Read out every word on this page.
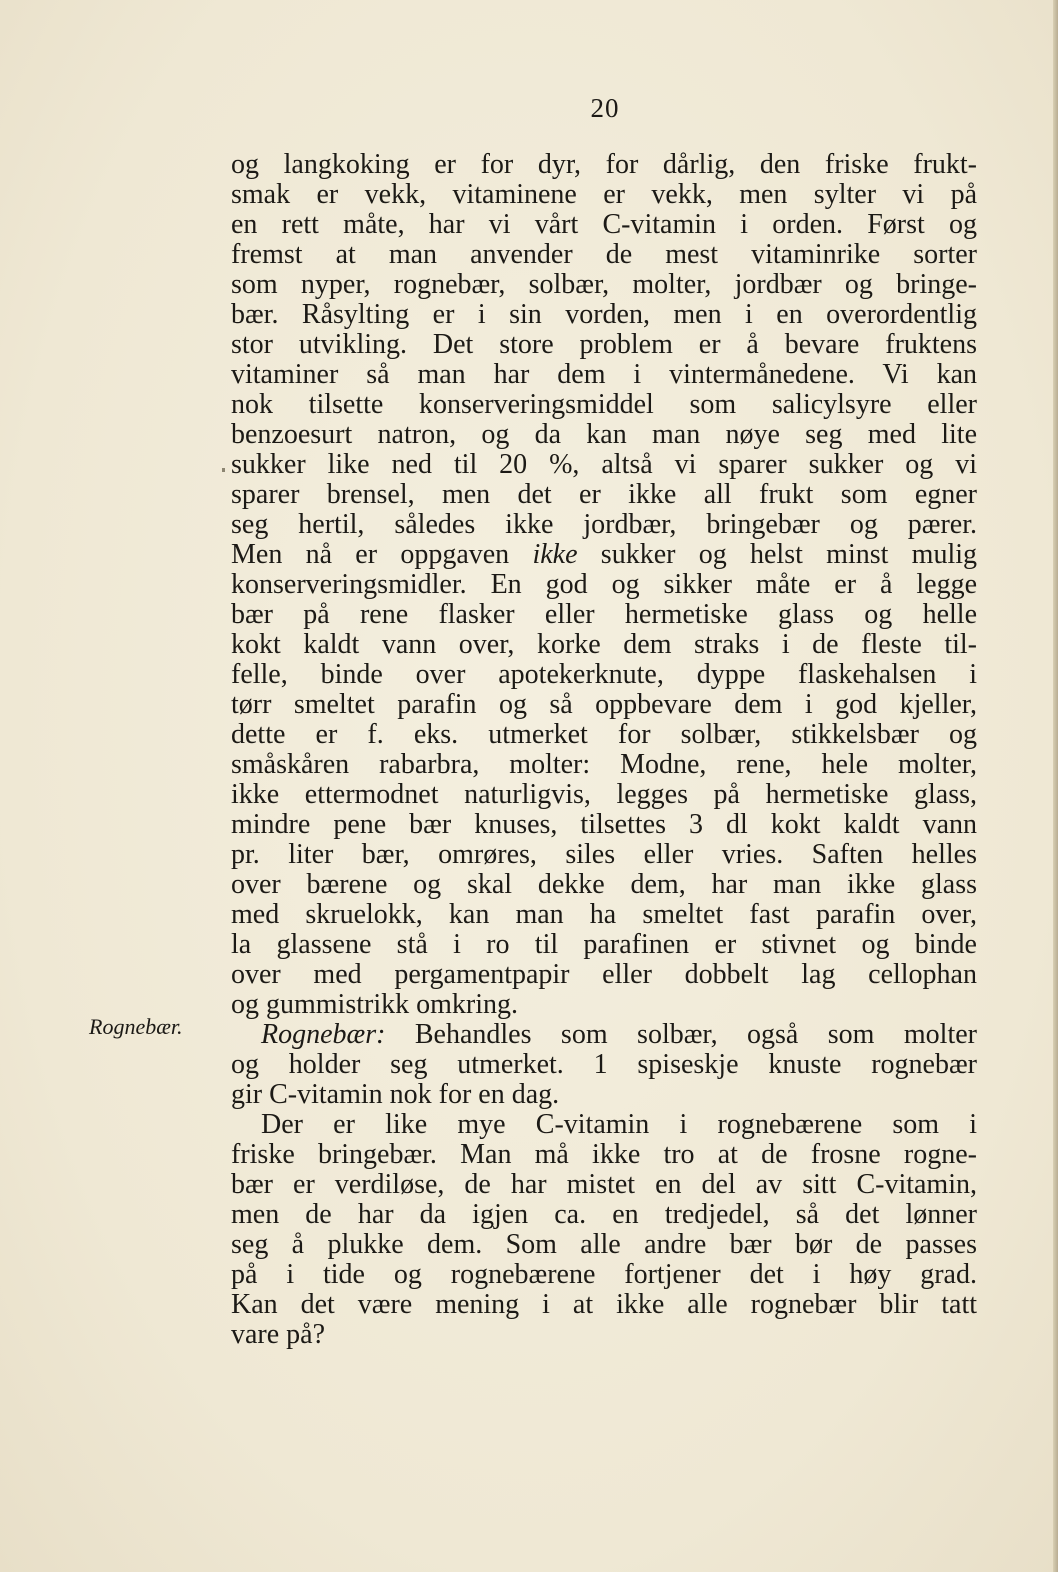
20
Rognebær.
og langkoking er for dyr, for dårlig, den friske frukt-
smak er vekk, vitaminene er vekk, men sylter vi på
en rett måte, har vi vårt C-vitamin i orden. Først og
fremst at man anvender de mest vitaminrike sorter
som nyper, rognebær, solbær, molter, jordbær og bringe-
bær. Råsylting er i sin vorden, men i en overordentlig
stor utvikling. Det store problem er å bevare fruktens
vitaminer så man har dem i vintermånedene. Vi kan
nok tilsette konserveringsmiddel som salicylsyre eller
benzoesurt natron, og da kan man nøye seg med lite
sukker like ned til 20 %, altså vi sparer sukker og vi
sparer brensel, men det er ikke all frukt som egner
seg hertil, således ikke jordbær, bringebær og pærer.
Men nå er oppgaven ikke sukker og helst minst mulig
konserveringsmidler. En god og sikker måte er å legge
bær på rene flasker eller hermetiske glass og helle
kokt kaldt vann over, korke dem straks i de fleste til-
felle, binde over apotekerknute, dyppe flaskehalsen i
tørr smeltet parafin og så oppbevare dem i god kjeller,
dette er f. eks. utmerket for solbær, stikkelsbær og
småskåren rabarbra, molter: Modne, rene, hele molter,
ikke ettermodnet naturligvis, legges på hermetiske glass,
mindre pene bær knuses, tilsettes 3 dl kokt kaldt vann
pr. liter bær, omrøres, siles eller vries. Saften helles
over bærene og skal dekke dem, har man ikke glass
med skruelokk, kan man ha smeltet fast parafin over,
la glassene stå i ro til parafinen er stivnet og binde
over med pergamentpapir eller dobbelt lag cellophan
og gummistrikk omkring.
Rognebær: Behandles som solbær, også som molter
og holder seg utmerket. 1 spiseskje knuste rognebær
gir C-vitamin nok for en dag.
Der er like mye C-vitamin i rognebærene som i
friske bringebær. Man må ikke tro at de frosne rogne-
bær er verdiløse, de har mistet en del av sitt C-vitamin,
men de har da igjen ca. en tredjedel, så det lønner
seg å plukke dem. Som alle andre bær bør de passes
på i tide og rognebærene fortjener det i høy grad.
Kan det være mening i at ikke alle rognebær blir tatt
vare på?
